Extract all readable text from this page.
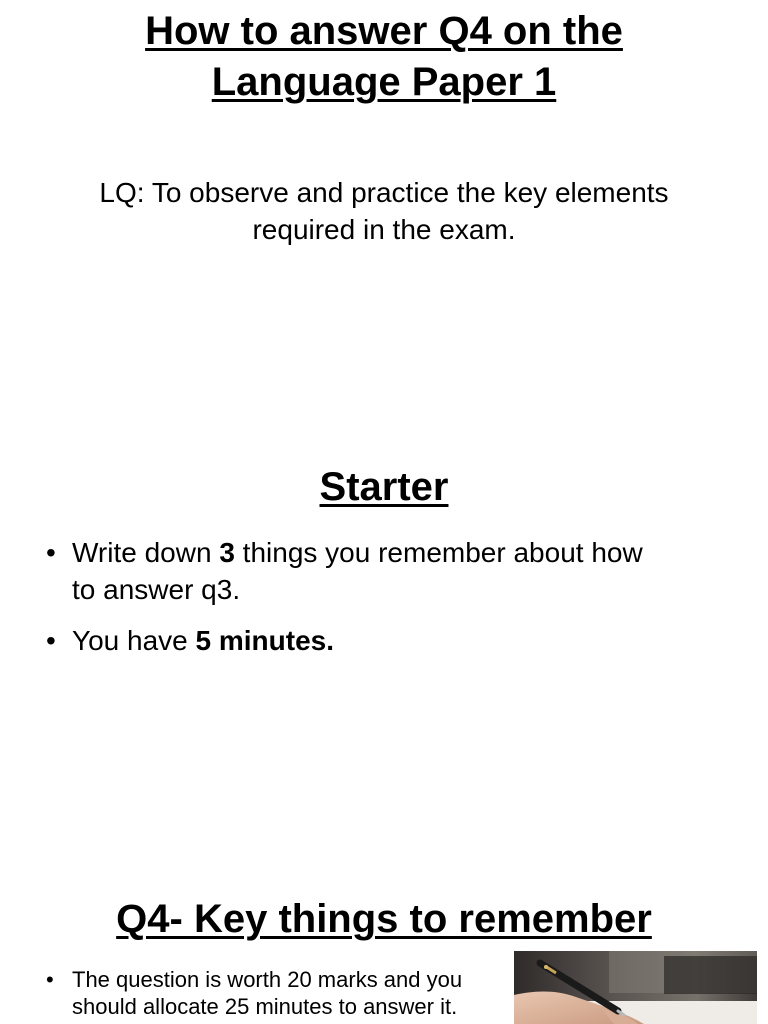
How to answer Q4 on the
Language Paper 1

LQ: To observe and practice the key elements
required in the exam.

Starter
• Write down 3 things you remember about how
to answer q3.
• You have 5 minutes.
Q4- Key things to remember
• The question is worth 20 marks and you
should allocate 25 minutes to answer it.
